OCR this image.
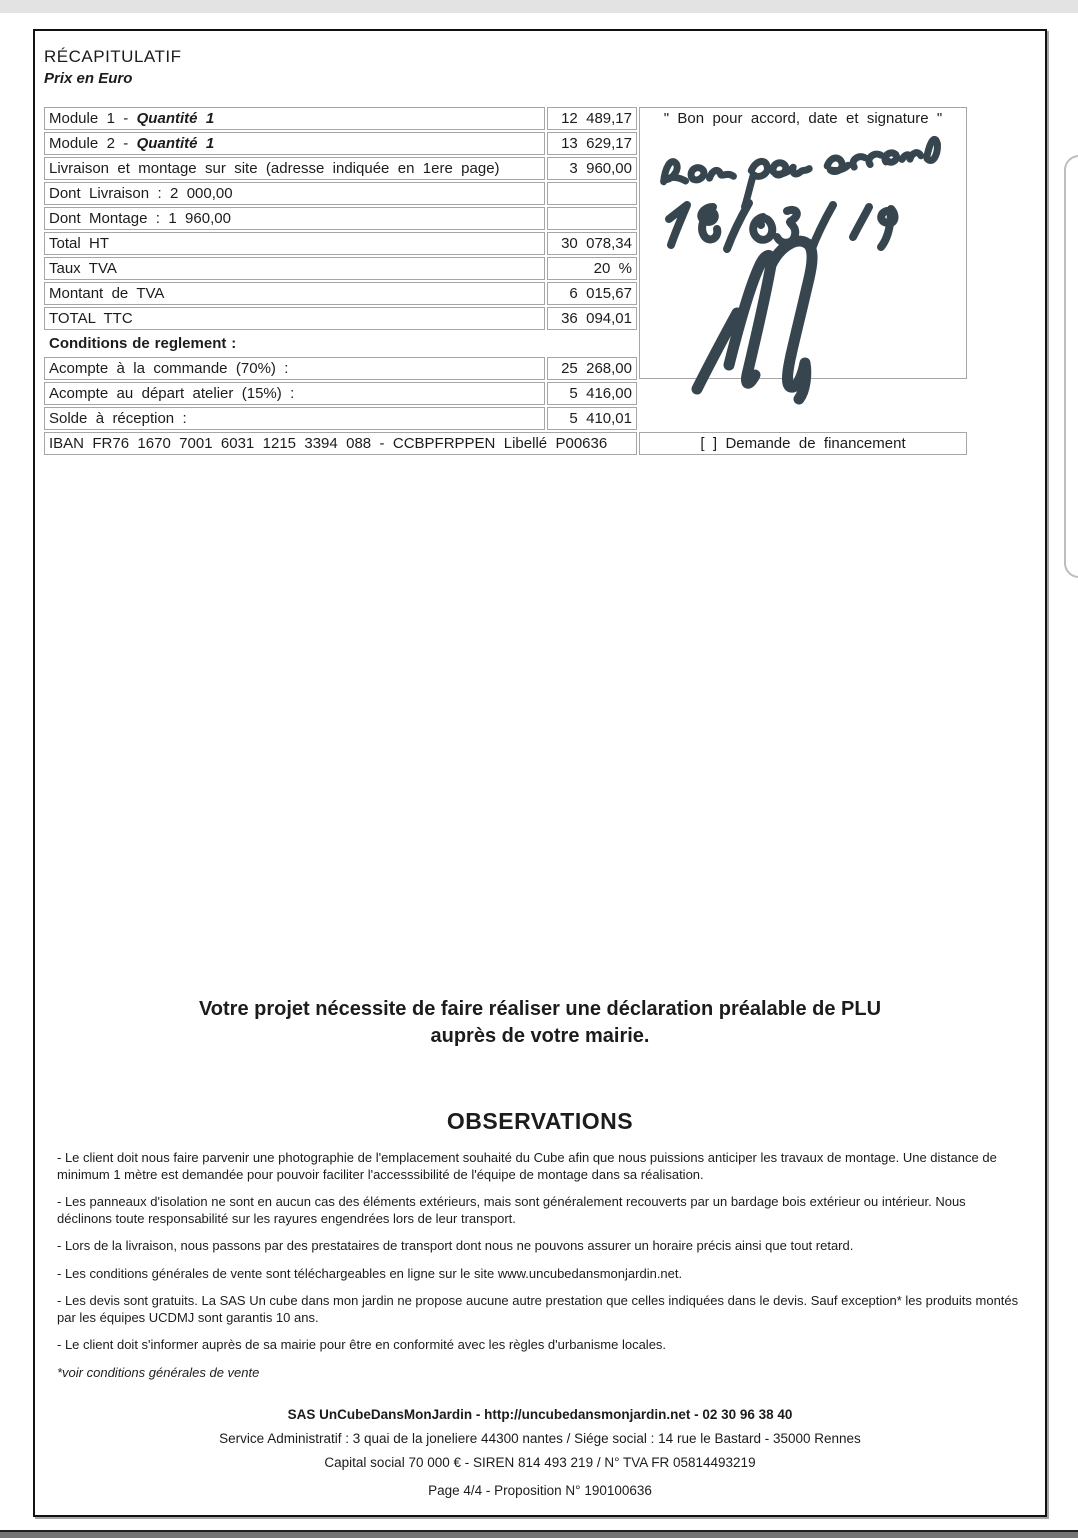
RÉCAPITULATIF
Prix en Euro
Module 1 - Quantité 1	12 489,17
Module 2 - Quantité 1	13 629,17
Livraison et montage sur site (adresse indiquée en 1ere page)	3 960,00
Dont Livraison : 2 000,00
Dont Montage : 1 960,00
Total HT	30 078,34
Taux TVA	20 %
Montant de TVA	6 015,67
TOTAL TTC	36 094,01
Conditions de reglement :
Acompte à la commande (70%) :	25 268,00
Acompte au départ atelier (15%) :	5 416,00
Solde à réception :	5 410,01
IBAN FR76 1670 7001 6031 1215 3394 088 - CCBPFRPPEN Libellé P00636
" Bon pour accord, date et signature "
[ ] Demande de financement
Votre projet nécessite de faire réaliser une déclaration préalable de PLU
auprès de votre mairie.
OBSERVATIONS

- Le client doit nous faire parvenir une photographie de l'emplacement souhaité du Cube afin que nous puissions anticiper les travaux de montage. Une distance de minimum 1 mètre est demandée pour pouvoir faciliter l'accesssibilité de l'équipe de montage dans sa réalisation.

- Les panneaux d'isolation ne sont en aucun cas des éléments extérieurs, mais sont généralement recouverts par un bardage bois extérieur ou intérieur. Nous déclinons toute responsabilité sur les rayures engendrées lors de leur transport.

- Lors de la livraison, nous passons par des prestataires de transport dont nous ne pouvons assurer un horaire précis ainsi que tout retard.

- Les conditions générales de vente sont téléchargeables en ligne sur le site www.uncubedansmonjardin.net.

- Les devis sont gratuits. La SAS Un cube dans mon jardin ne propose aucune autre prestation que celles indiquées dans le devis. Sauf exception* les produits montés par les équipes UCDMJ sont garantis 10 ans.

- Le client doit s'informer auprès de sa mairie pour être en conformité avec les règles d'urbanisme locales.

*voir conditions générales de vente

SAS UnCubeDansMonJardin - http://uncubedansmonjardin.net - 02 30 96 38 40
Service Administratif : 3 quai de la joneliere 44300 nantes / Siége social : 14 rue le Bastard - 35000 Rennes
Capital social 70 000 € - SIREN 814 493 219 / N° TVA FR 05814493219
Page 4/4 - Proposition N° 190100636
